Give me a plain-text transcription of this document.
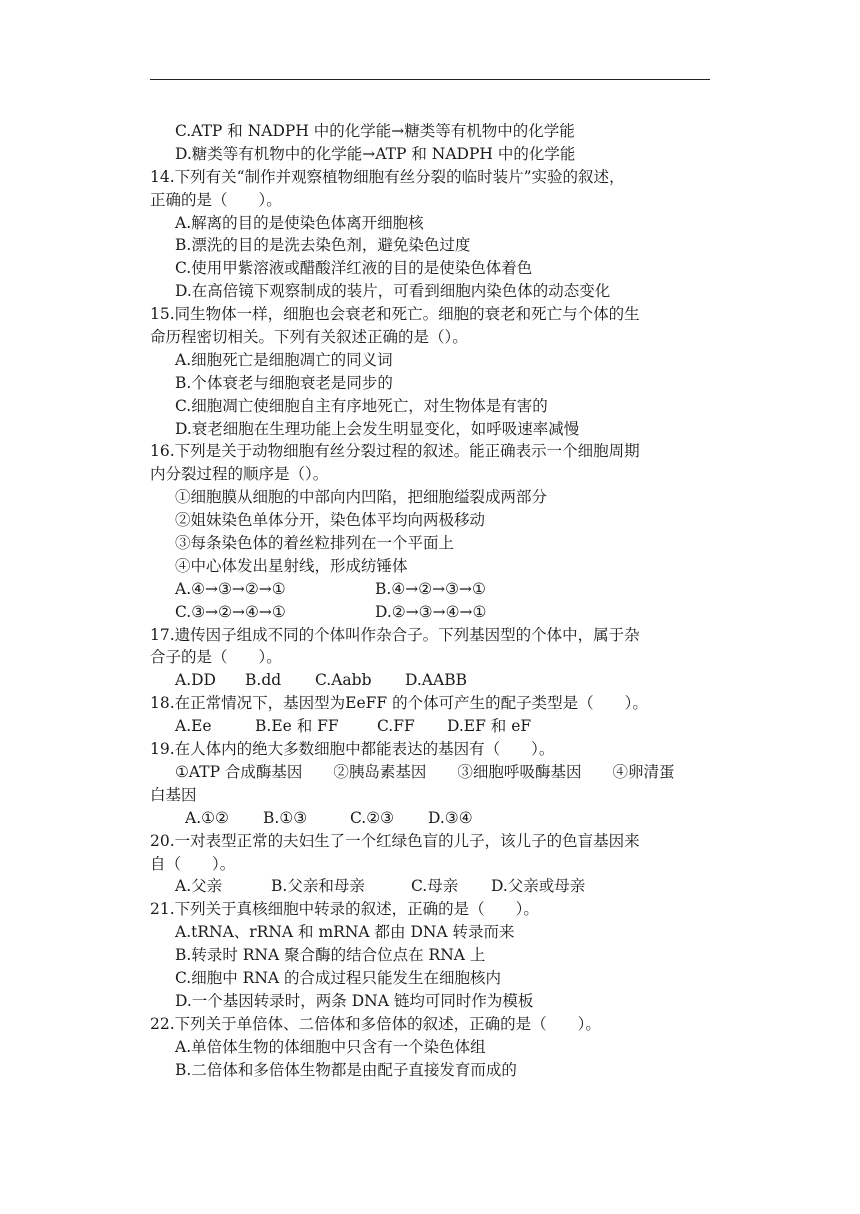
C.ATP 和 NADPH 中的化学能→糖类等有机物中的化学能
D.糖类等有机物中的化学能→ATP 和 NADPH 中的化学能
14.下列有关“制作并观察植物细胞有丝分裂的临时装片”实验的叙述，
正确的是（　　）。
A.解离的目的是使染色体离开细胞核
B.漂洗的目的是洗去染色剂，避免染色过度
C.使用甲紫溶液或醋酸洋红液的目的是使染色体着色
D.在高倍镜下观察制成的装片，可看到细胞内染色体的动态变化
15.同生物体一样，细胞也会衰老和死亡。细胞的衰老和死亡与个体的生
命历程密切相关。下列有关叙述正确的是（）。
A.细胞死亡是细胞凋亡的同义词
B.个体衰老与细胞衰老是同步的
C.细胞凋亡使细胞自主有序地死亡，对生物体是有害的
D.衰老细胞在生理功能上会发生明显变化，如呼吸速率减慢
16.下列是关于动物细胞有丝分裂过程的叙述。能正确表示一个细胞周期
内分裂过程的顺序是（）。
①细胞膜从细胞的中部向内凹陷，把细胞缢裂成两部分
②姐妹染色单体分开，染色体平均向两极移动
③每条染色体的着丝粒排列在一个平面上
④中心体发出星射线，形成纺锤体
A.④→③→②→①	B.④→②→③→①
C.③→②→④→①	D.②→③→④→①
17.遗传因子组成不同的个体叫作杂合子。下列基因型的个体中，属于杂
合子的是（　　）。
A.DD	B.dd	C.Aabb	D.AABB
18.在正常情况下，基因型为EeFF 的个体可产生的配子类型是（　　）。
A.Ee	B.Ee 和 FF	C.FF	D.EF 和 eF
19.在人体内的绝大多数细胞中都能表达的基因有（　　）。
①ATP 合成酶基因　　②胰岛素基因　　③细胞呼吸酶基因　　④卵清蛋
白基因
A.①②	B.①③	C.②③	D.③④
20.一对表型正常的夫妇生了一个红绿色盲的儿子，该儿子的色盲基因来
自（　　）。
A.父亲	B.父亲和母亲	C.母亲	D.父亲或母亲
21.下列关于真核细胞中转录的叙述，正确的是（　　）。
A.tRNA、rRNA 和 mRNA 都由 DNA 转录而来
B.转录时 RNA 聚合酶的结合位点在 RNA 上
C.细胞中 RNA 的合成过程只能发生在细胞核内
D.一个基因转录时，两条 DNA 链均可同时作为模板
22.下列关于单倍体、二倍体和多倍体的叙述，正确的是（　　）。
A.单倍体生物的体细胞中只含有一个染色体组
B.二倍体和多倍体生物都是由配子直接发育而成的
